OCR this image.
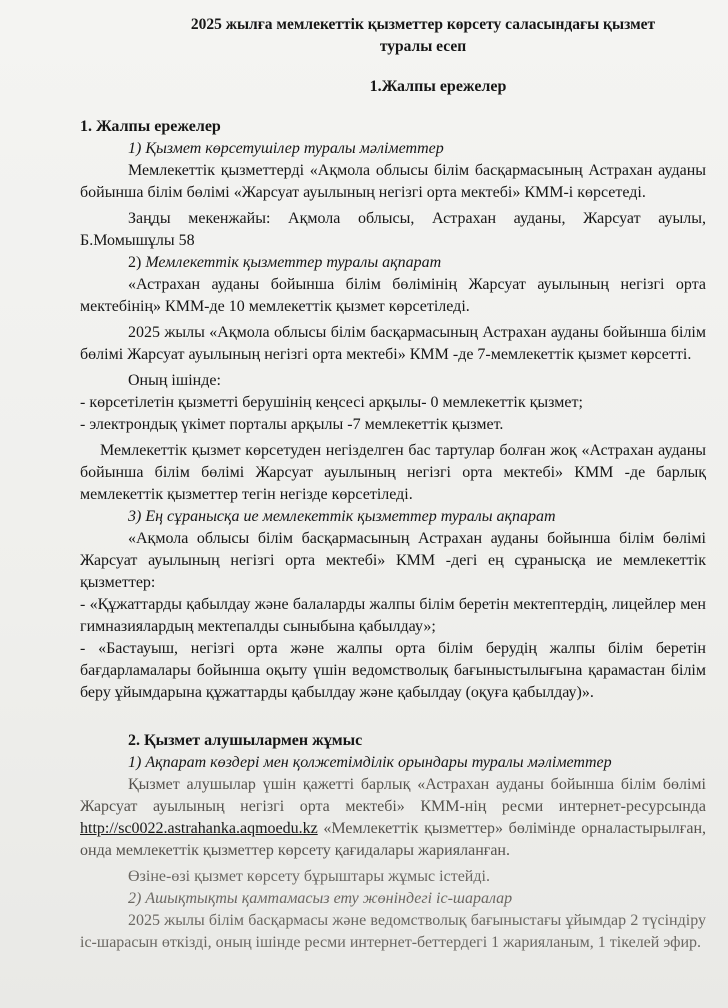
2025 жылға мемлекеттік қызметтер көрсету саласындағы қызмет
туралы есеп
1.Жалпы ережелер
1. Жалпы ережелер
1) Қызмет көрсетушілер туралы мәліметтер

Мемлекеттік қызметтерді «Ақмола облысы білім басқармасының Астрахан ауданы бойынша білім бөлімі «Жарсуат ауылының негізгі орта мектебі» КММ-і көрсетеді.

Заңды мекенжайы: Ақмола облысы, Астрахан ауданы, Жарсуат ауылы, Б.Момышұлы 58

2) Мемлекеттік қызметтер туралы ақпарат

«Астрахан ауданы бойынша білім бөлімінің Жарсуат ауылының негізгі орта мектебінің» КММ-де 10 мемлекеттік қызмет көрсетіледі.

2025 жылы «Ақмола облысы білім басқармасының Астрахан ауданы бойынша білім бөлімі Жарсуат ауылының негізгі орта мектебі» КММ -де 7-мемлекеттік қызмет көрсетті.

Оның ішінде:

- көрсетілетін қызметті берушінің кеңсесі арқылы- 0 мемлекеттік қызмет;

- электрондық үкімет порталы арқылы -7 мемлекеттік қызмет.

Мемлекеттік қызмет көрсетуден негізделген бас тартулар болған жоқ «Астрахан ауданы бойынша білім бөлімі Жарсуат ауылының негізгі орта мектебі» КММ -де барлық мемлекеттік қызметтер тегін негізде көрсетіледі.

3) Ең сұранысқа ие мемлекеттік қызметтер туралы ақпарат

«Ақмола облысы білім басқармасының Астрахан ауданы бойынша білім бөлімі Жарсуат ауылының негізгі орта мектебі» КММ -дегі ең сұранысқа ие мемлекеттік қызметтер:

- «Құжаттарды қабылдау және балаларды жалпы білім беретін мектептердің, лицейлер мен гимназиялардың мектепалды сыныбына қабылдау»;

- «Бастауыш, негізгі орта және жалпы орта білім берудің жалпы білім беретін бағдарламалары бойынша оқыту үшін ведомстволық бағыныстылығына қарамастан білім беру ұйымдарына құжаттарды қабылдау және қабылдау (оқуға қабылдау)».

2. Қызмет алушылармен жұмыс
1) Ақпарат көздері мен қолжетімділік орындары туралы мәліметтер

Қызмет алушылар үшін қажетті барлық «Астрахан ауданы бойынша білім бөлімі Жарсуат ауылының негізгі орта мектебі» КММ-нің ресми интернет-ресурсында http://sc0022.astrahanka.aqmoedu.kz «Мемлекеттік қызметтер» бөлімінде орналастырылған, онда мемлекеттік қызметтер көрсету қағидалары жарияланған.

Өзіне-өзі қызмет көрсету бұрыштары жұмыс істейді.

2) Ашықтықты қамтамасыз ету жөніндегі іс-шаралар

2025 жылы білім басқармасы және ведомстволық бағыныстағы ұйымдар 2 түсіндіру іс-шарасын өткізді, оның ішінде ресми интернет-беттердегі 1 жарияланым, 1 тікелей эфир.
